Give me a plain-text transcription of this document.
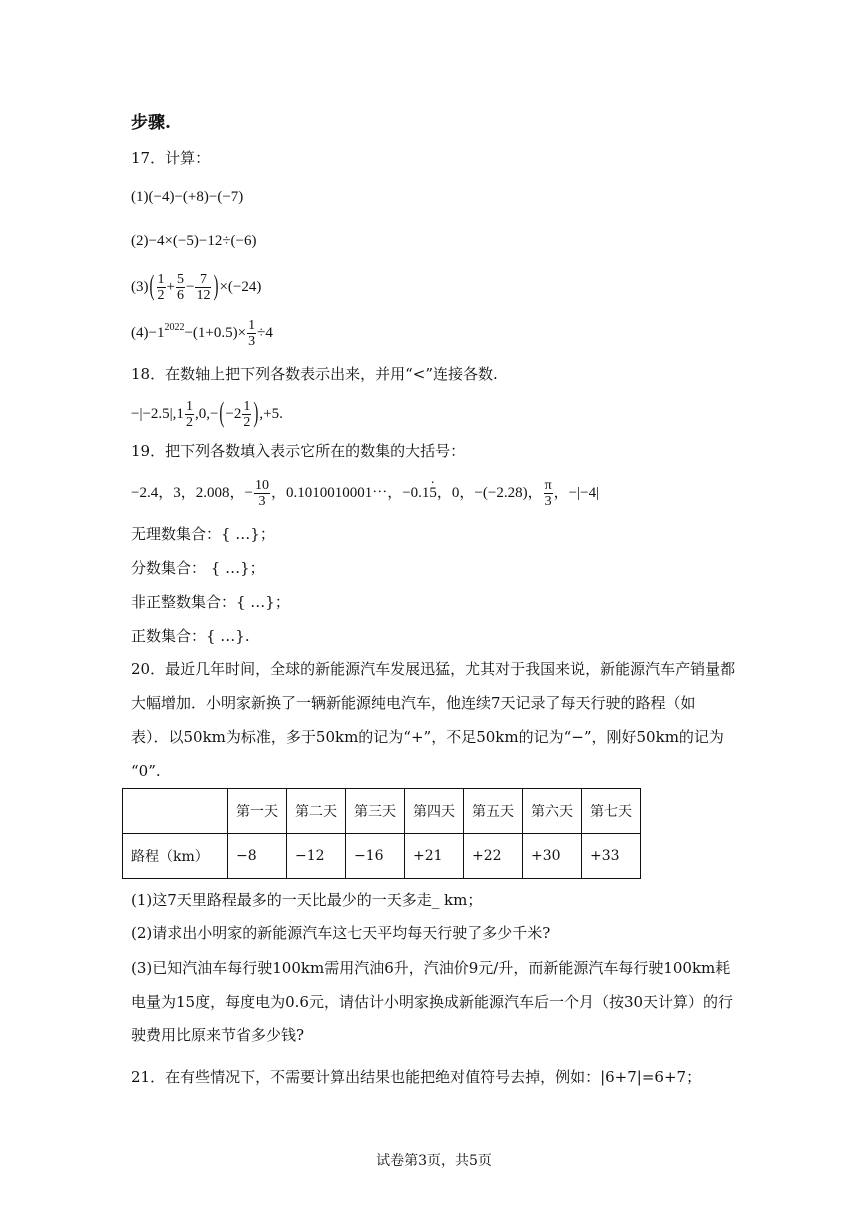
步骤.
17．计算：
(1)(−4)−(+8)−(−7)
(2)−4×(−5)−12÷(−6)
$(3)( \frac{1}{2} + \frac{5}{6} - \frac{7}{12} )\times(-24)$
$(4)-1^{2022}-(1+0.5)\times \frac{1}{3} \div 4$
18．在数轴上把下列各数表示出来，并用“<”连接各数.
$-|-2.5|,1 \frac{1}{2} ,0,-(-2 \frac{1}{2} ),+5$.
19．把下列各数填入表示它所在的数集的大括号：
−2.4，3，2.008，− $\frac{10}{3}$ ，0.1010010001⋯，−0.1· 5，0，−(−2.28)， $\frac{\pi}{3}$ ，−|−4|
无理数集合：{ …}；
分数集合： { …}；
非正整数集合：{ …}；
正数集合：{ …}.
20．最近几年时间，全球的新能源汽车发展迅猛，尤其对于我国来说，新能源汽车产销量都
大幅增加．小明家新换了一辆新能源纯电汽车，他连续7天记录了每天行驶的路程（如
表）．以50km为标准，多于50km的记为“+”，不足50km的记为“−”，刚好50km的记为
“0”.
	第一天	第二天	第三天	第四天	第五天	第六天	第七天
路程（km）	−8	−12	−16	+21	+22	+30	+33
(1)这7天里路程最多的一天比最少的一天多走_ km；
(2)请求出小明家的新能源汽车这七天平均每天行驶了多少千米?
(3)已知汽油车每行驶100km需用汽油6升，汽油价9元/升，而新能源汽车每行驶100km耗
电量为15度，每度电为0.6元，请估计小明家换成新能源汽车后一个月（按30天计算）的行
驶费用比原来节省多少钱?
21．在有些情况下，不需要计算出结果也能把绝对值符号去掉，例如：|6+7|=6+7；
试卷第3页，共5页
